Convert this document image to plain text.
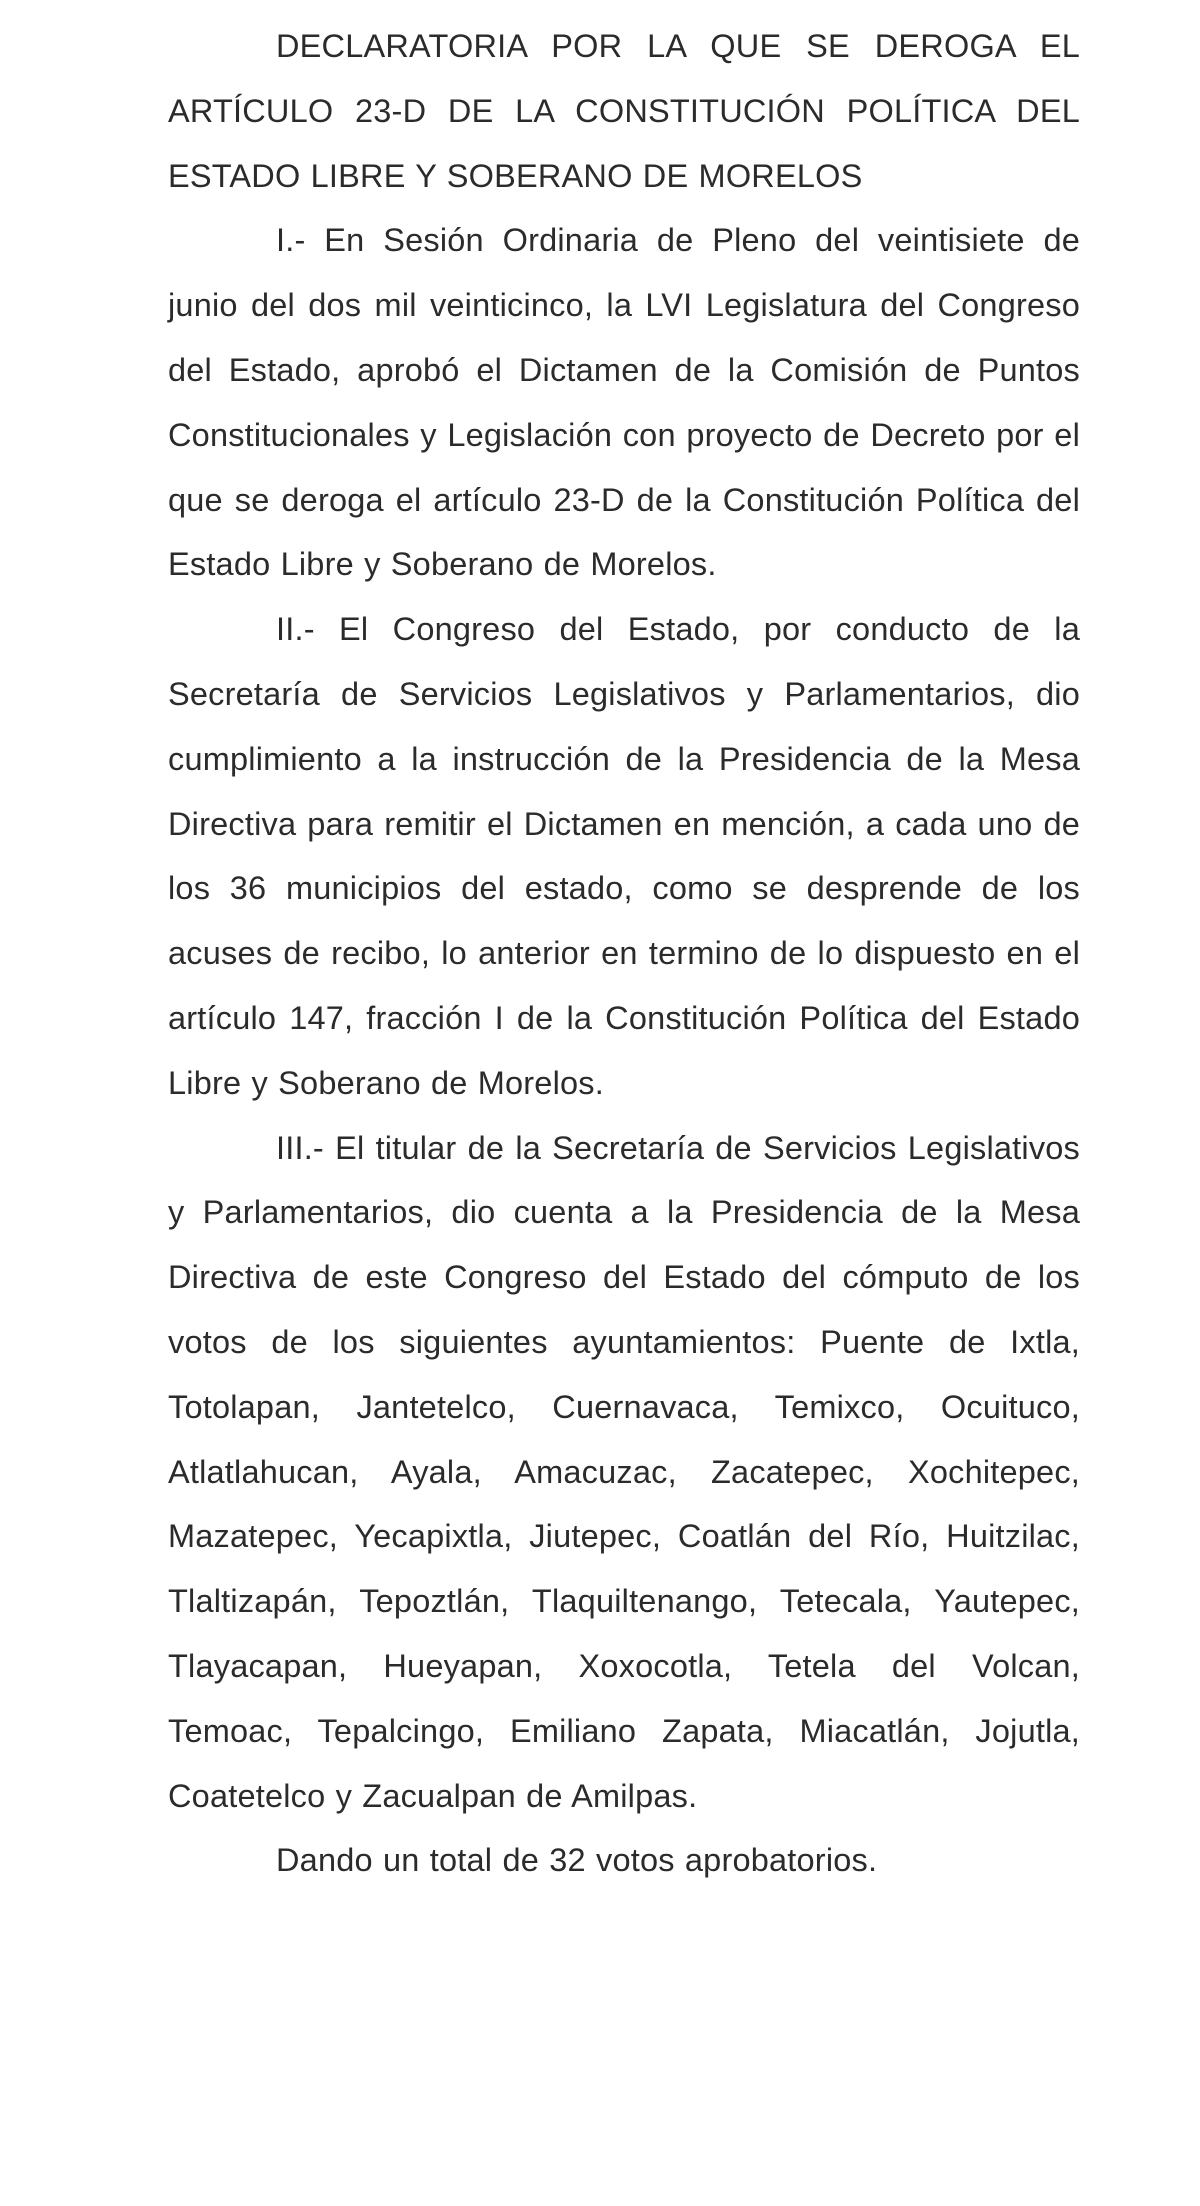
DECLARATORIA POR LA QUE SE DEROGA EL ARTÍCULO 23-D DE LA CONSTITUCIÓN POLÍTICA DEL ESTADO LIBRE Y SOBERANO DE MORELOS

I.- En Sesión Ordinaria de Pleno del veintisiete de junio del dos mil veinticinco, la LVI Legislatura del Congreso del Estado, aprobó el Dictamen de la Comisión de Puntos Constitucionales y Legislación con proyecto de Decreto por el que se deroga el artículo 23-D de la Constitución Política del Estado Libre y Soberano de Morelos.

II.- El Congreso del Estado, por conducto de la Secretaría de Servicios Legislativos y Parlamentarios, dio cumplimiento a la instrucción de la Presidencia de la Mesa Directiva para remitir el Dictamen en mención, a cada uno de los 36 municipios del estado, como se desprende de los acuses de recibo, lo anterior en termino de lo dispuesto en el artículo 147, fracción I de la Constitución Política del Estado Libre y Soberano de Morelos.

III.- El titular de la Secretaría de Servicios Legislativos y Parlamentarios, dio cuenta a la Presidencia de la Mesa Directiva de este Congreso del Estado del cómputo de los votos de los siguientes ayuntamientos: Puente de Ixtla, Totolapan, Jantetelco, Cuernavaca, Temixco, Ocuituco, Atlatlahucan, Ayala, Amacuzac, Zacatepec, Xochitepec, Mazatepec, Yecapixtla, Jiutepec, Coatlán del Río, Huitzilac, Tlaltizapán, Tepoztlán, Tlaquiltenango, Tetecala, Yautepec, Tlayacapan, Hueyapan, Xoxocotla, Tetela del Volcan, Temoac, Tepalcingo, Emiliano Zapata, Miacatlán, Jojutla, Coatetelco y Zacualpan de Amilpas.

Dando un total de 32 votos aprobatorios.
